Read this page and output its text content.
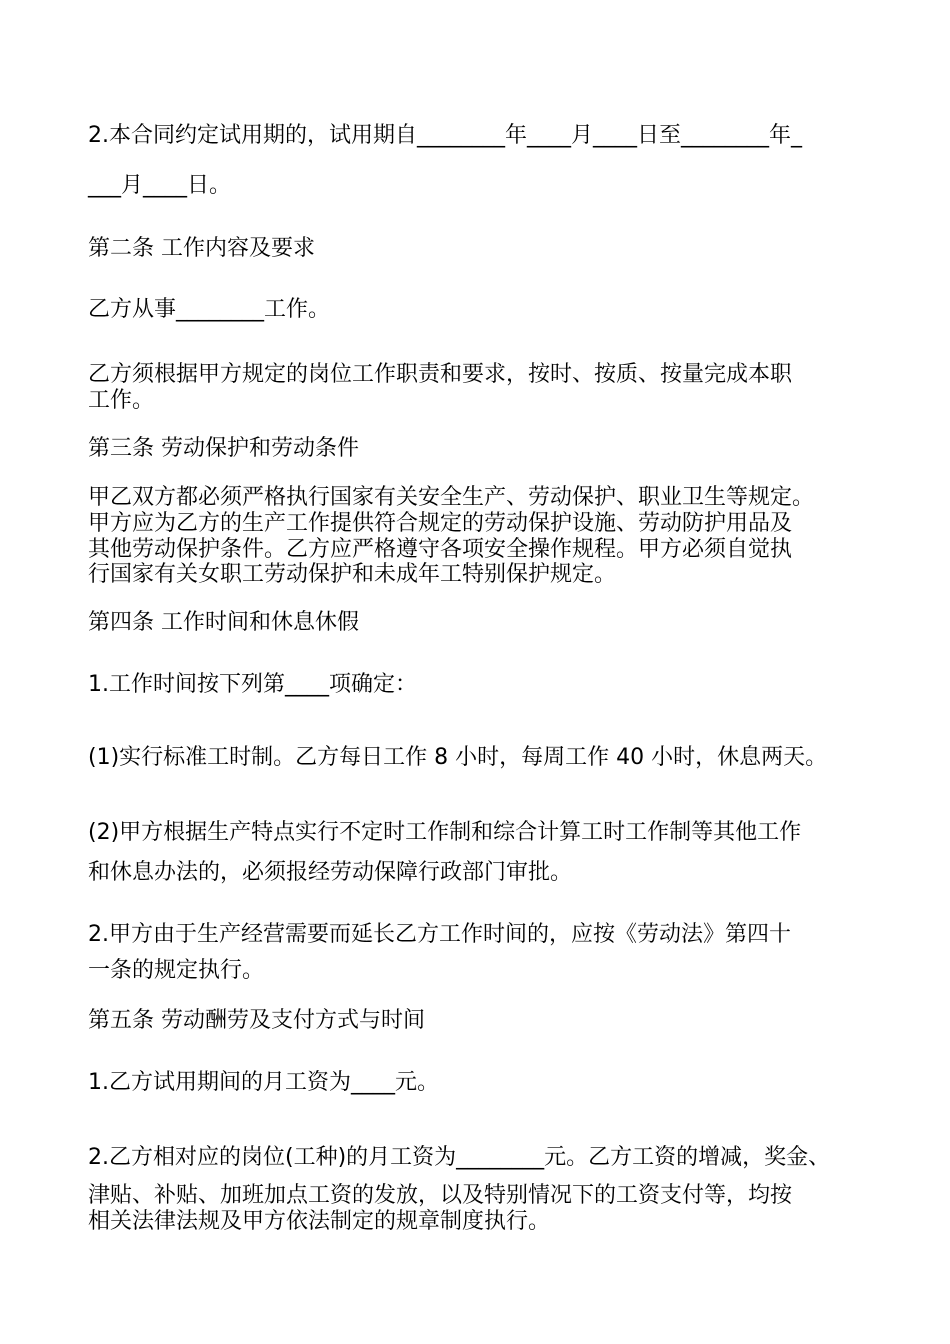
2.本合同约定试用期的，试用期自________年____月____日至________年_

___月____日。

第二条 工作内容及要求

乙方从事________工作。

乙方须根据甲方规定的岗位工作职责和要求，按时、按质、按量完成本职

工作。

第三条 劳动保护和劳动条件

甲乙双方都必须严格执行国家有关安全生产、劳动保护、职业卫生等规定。

甲方应为乙方的生产工作提供符合规定的劳动保护设施、劳动防护用品及

其他劳动保护条件。乙方应严格遵守各项安全操作规程。甲方必须自觉执

行国家有关女职工劳动保护和未成年工特别保护规定。

第四条 工作时间和休息休假

1.工作时间按下列第____项确定：

(1)实行标准工时制。乙方每日工作 8 小时，每周工作 40 小时，休息两天。

(2)甲方根据生产特点实行不定时工作制和综合计算工时工作制等其他工作

和休息办法的，必须报经劳动保障行政部门审批。

2.甲方由于生产经营需要而延长乙方工作时间的，应按《劳动法》第四十

一条的规定执行。

第五条 劳动酬劳及支付方式与时间

1.乙方试用期间的月工资为____元。

2.乙方相对应的岗位(工种)的月工资为________元。乙方工资的增减，奖金、

津贴、补贴、加班加点工资的发放，以及特别情况下的工资支付等，均按

相关法律法规及甲方依法制定的规章制度执行。
